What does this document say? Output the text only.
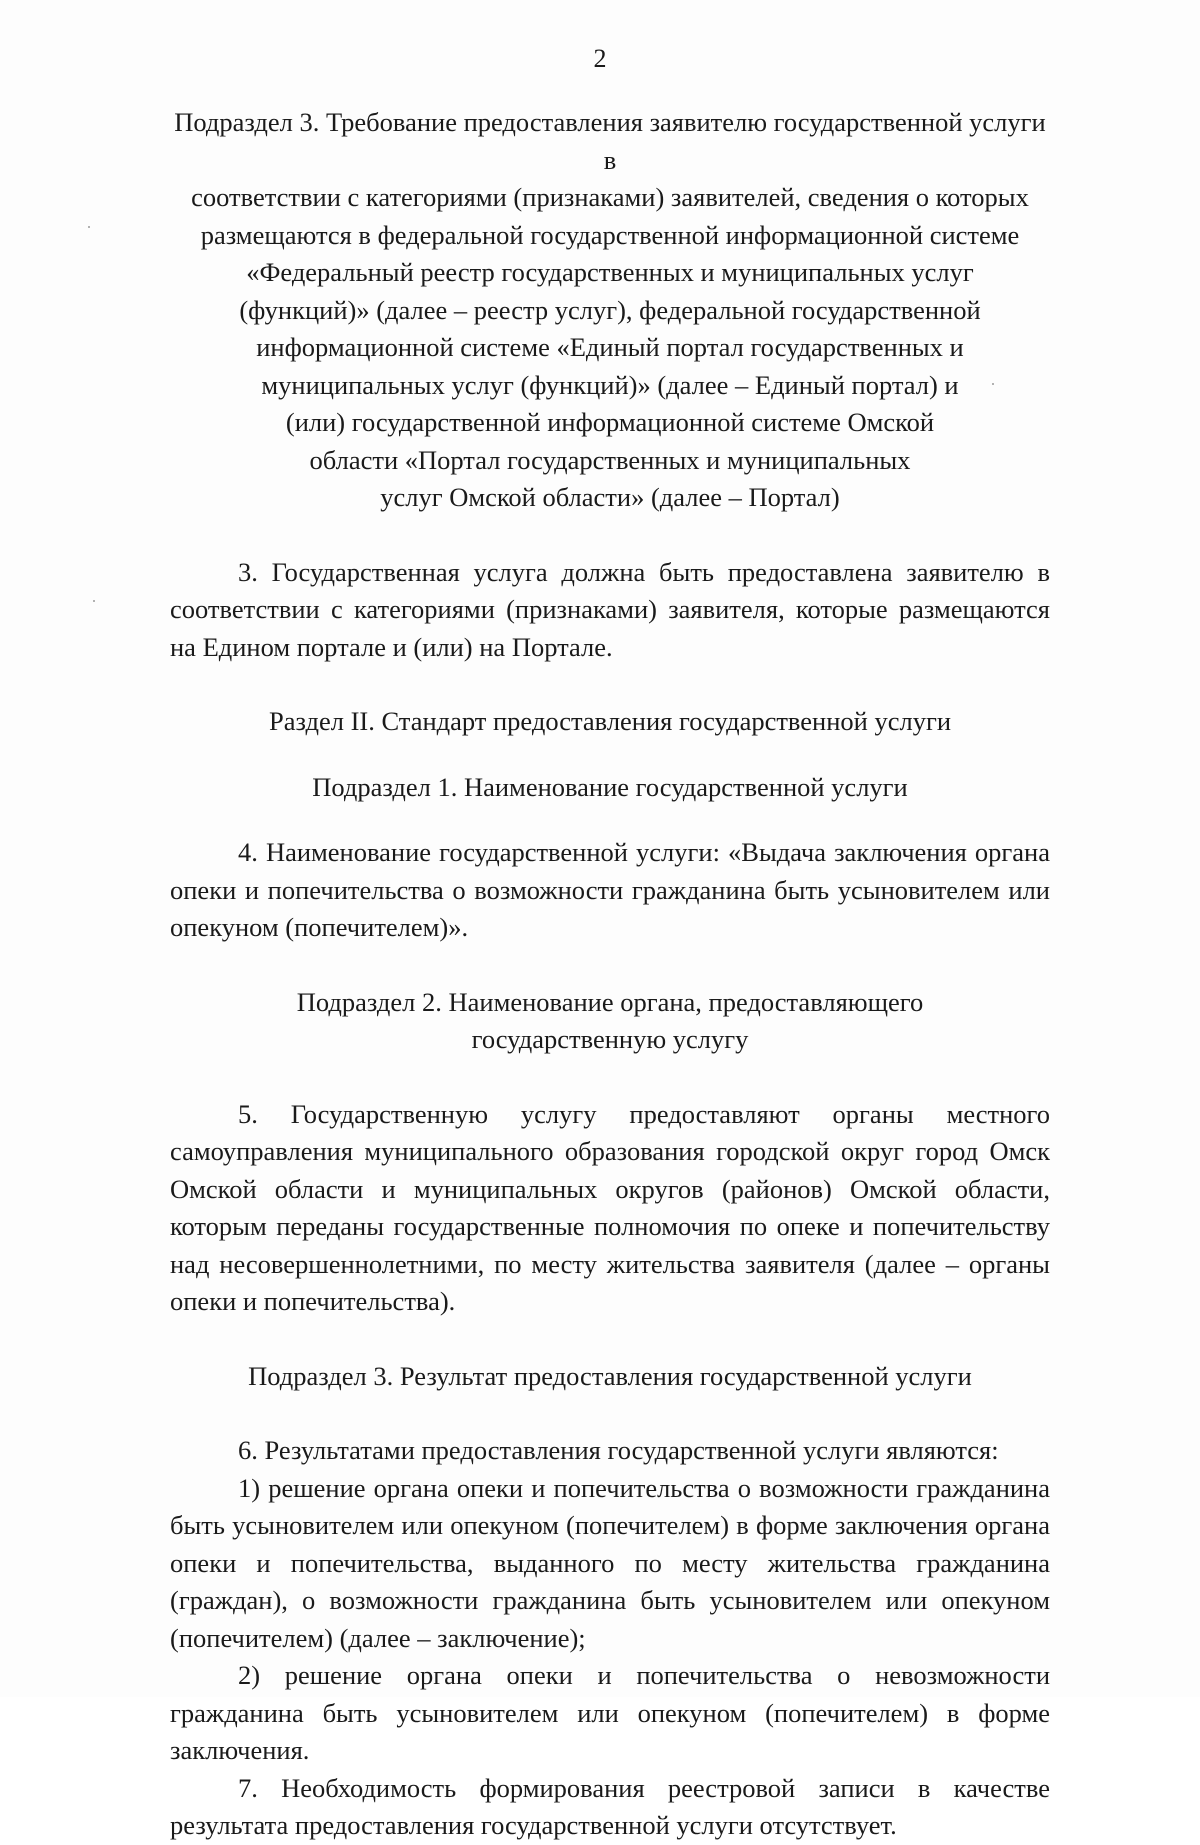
2
Подраздел 3. Требование предоставления заявителю государственной услуги в
соответствии с категориями (признаками) заявителей, сведения о которых
размещаются в федеральной государственной информационной системе
«Федеральный реестр государственных и муниципальных услуг
(функций)» (далее – реестр услуг), федеральной государственной
информационной системе «Единый портал государственных и
муниципальных услуг (функций)» (далее – Единый портал) и
(или) государственной информационной системе Омской
области «Портал государственных и муниципальных
услуг Омской области» (далее – Портал)

3. Государственная услуга должна быть предоставлена заявителю в соответствии с категориями (признаками) заявителя, которые размещаются на Едином портале и (или) на Портале.

Раздел II. Стандарт предоставления государственной услуги

Подраздел 1. Наименование государственной услуги

4. Наименование государственной услуги: «Выдача заключения органа опеки и попечительства о возможности гражданина быть усыновителем или опекуном (попечителем)».

Подраздел 2. Наименование органа, предоставляющего
государственную услугу

5. Государственную услугу предоставляют органы местного самоуправления муниципального образования городской округ город Омск Омской области и муниципальных округов (районов) Омской области, которым переданы государственные полномочия по опеке и попечительству над несовершеннолетними, по месту жительства заявителя (далее – органы опеки и попечительства).

Подраздел 3. Результат предоставления государственной услуги

6. Результатами предоставления государственной услуги являются:

1) решение органа опеки и попечительства о возможности гражданина быть усыновителем или опекуном (попечителем) в форме заключения органа опеки и попечительства, выданного по месту жительства гражданина (граждан), о возможности гражданина быть усыновителем или опекуном (попечителем) (далее – заключение);

2) решение органа опеки и попечительства о невозможности гражданина быть усыновителем или опекуном (попечителем) в форме заключения.

7. Необходимость формирования реестровой записи в качестве результата предоставления государственной услуги отсутствует.
